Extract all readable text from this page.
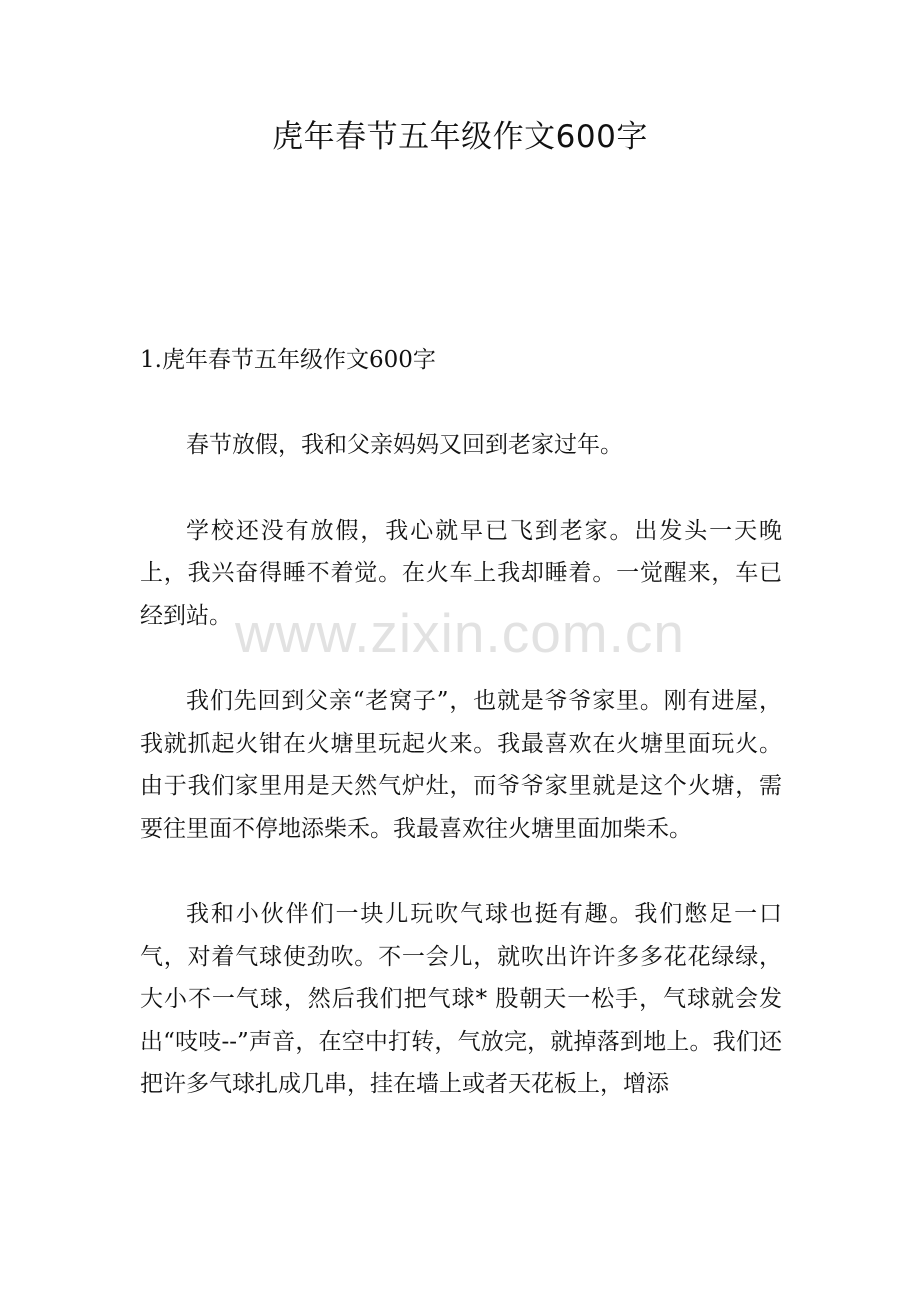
虎年春节五年级作文600字
1.虎年春节五年级作文600字

春节放假，我和父亲妈妈又回到老家过年。

学校还没有放假，我心就早已飞到老家。出发头一天晚上，我兴奋得睡不着觉。在火车上我却睡着。一觉醒来，车已经到站。

我们先回到父亲“老窝子”，也就是爷爷家里。刚有进屋，我就抓起火钳在火塘里玩起火来。我最喜欢在火塘里面玩火。由于我们家里用是天然气炉灶，而爷爷家里就是这个火塘，需要往里面不停地添柴禾。我最喜欢往火塘里面加柴禾。

我和小伙伴们一块儿玩吹气球也挺有趣。我们憋足一口气，对着气球使劲吹。不一会儿，就吹出许许多多花花绿绿，大小不一气球，然后我们把气球* 股朝天一松手，气球就会发出“吱吱--”声音，在空中打转，气放完，就掉落到地上。我们还把许多气球扎成几串，挂在墙上或者天花板上，增添

www.zixin.com.cn
